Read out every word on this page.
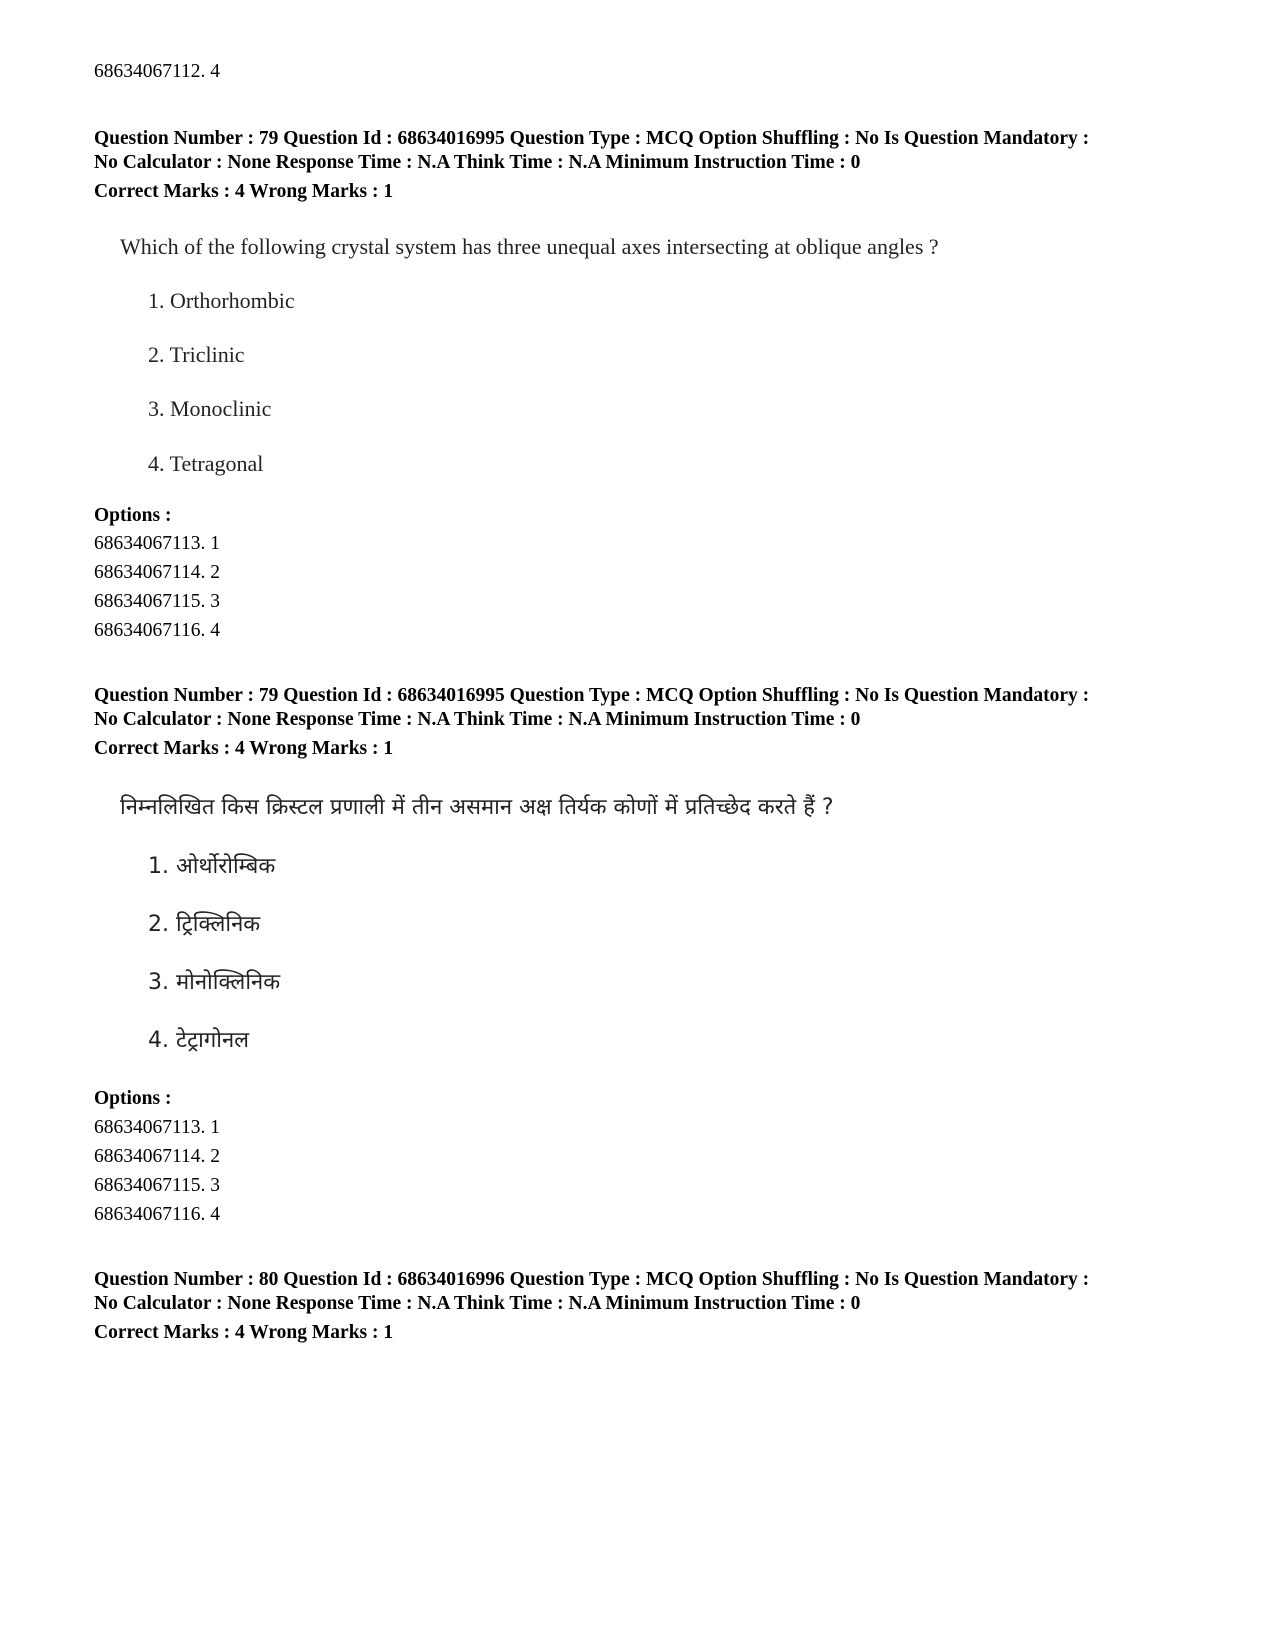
68634067112. 4
Question Number : 79 Question Id : 68634016995 Question Type : MCQ Option Shuffling : No Is Question Mandatory :
No Calculator : None Response Time : N.A Think Time : N.A Minimum Instruction Time : 0
Correct Marks : 4 Wrong Marks : 1
Which of the following crystal system has three unequal axes intersecting at oblique angles ?
1. Orthorhombic
2. Triclinic
3. Monoclinic
4. Tetragonal
Options :
68634067113. 1
68634067114. 2
68634067115. 3
68634067116. 4
Question Number : 79 Question Id : 68634016995 Question Type : MCQ Option Shuffling : No Is Question Mandatory :
No Calculator : None Response Time : N.A Think Time : N.A Minimum Instruction Time : 0
Correct Marks : 4 Wrong Marks : 1
निम्नलिखित किस क्रिस्टल प्रणाली में तीन असमान अक्ष तिर्यक कोणों में प्रतिच्छेद करते हैं ?
1. ओर्थोरोम्बिक
2. ट्रिक्लिनिक
3. मोनोक्लिनिक
4. टेट्रागोनल
Options :
68634067113. 1
68634067114. 2
68634067115. 3
68634067116. 4
Question Number : 80 Question Id : 68634016996 Question Type : MCQ Option Shuffling : No Is Question Mandatory :
No Calculator : None Response Time : N.A Think Time : N.A Minimum Instruction Time : 0
Correct Marks : 4 Wrong Marks : 1
